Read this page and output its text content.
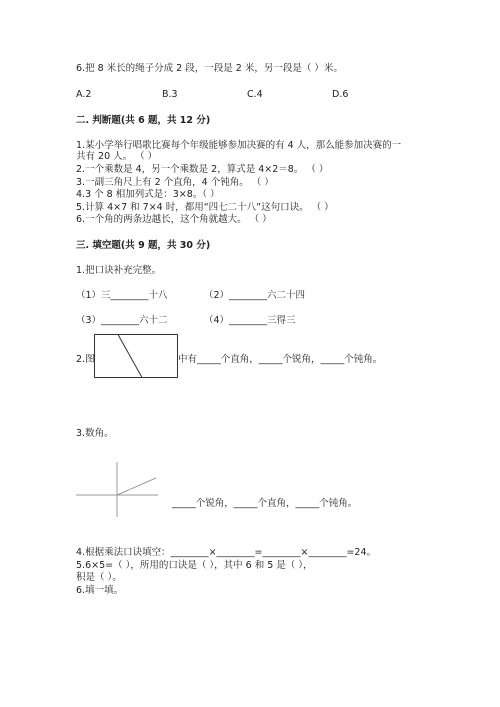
6.把 8 米长的绳子分成 2 段，一段是 2 米，另一段是（ ）米。
A.2	B.3	C.4	D.6
二. 判断题(共 6 题，共 12 分)
1.某小学举行唱歌比赛每个年级能够参加决赛的有 4 人，那么能参加决赛的一
共有 20 人。 （ ）
2.一个乘数是 4，另一个乘数是 2，算式是 4×2＝8。 （ ）
3.一副三角尺上有 2 个直角，4 个钝角。 （ ）
4.3 个 8 相加列式是：3×8。（ ）
5.计算 4×7 和 7×4 时，都用“四七二十八”这句口诀。 （ ）
6.一个角的两条边越长，这个角就越大。 （ ）
三. 填空题(共 9 题，共 30 分)
1.把口诀补充完整。
（1）三________十八	（2）________六二十四
（3）________六十二	（4）________三得三
2.图	中有_____个直角，_____个锐角，_____个钝角。
3.数角。
_____个锐角，_____个直角，_____个钝角。
4.根据乘法口诀填空：________×________=________×________=24。
5.6×5=（ ），所用的口诀是（ ），其中 6 和 5 是（ ），
积是（ ）。
6.填一填。
